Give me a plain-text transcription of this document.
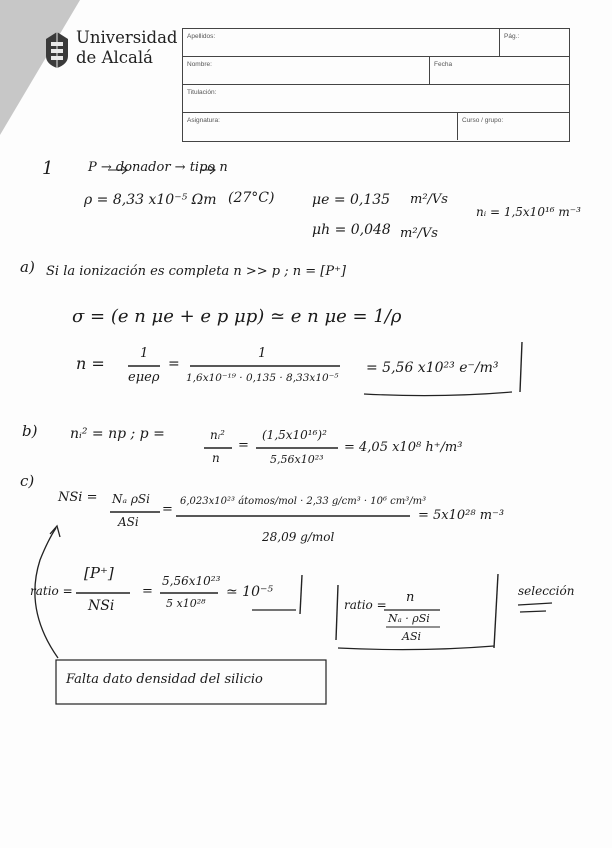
Universidad
de Alcalá
Apellidos:	Pág.:
Nombre:	Fecha
Titulación:
Asignatura:	Curso / grupo:
1	P → donador → tipo n
ρ = 8,33 x10⁻⁵ Ωm (27°C)	μe = 0,135 m²/Vs
μh = 0,048 m²/Vs
nᵢ = 1,5x10¹⁶ m⁻³
a) Si la ionización es completa n >> p ; n = [P⁺]
σ = (e n μe + e p μp) ≃ e n μe = 1/ρ
n =
1
eμeρ
=
1
1,6x10⁻¹⁹ · 0,135 · 8,33x10⁻⁵
= 5,56 x10²³ e⁻/m³
b) nᵢ² = np ; p =	nᵢ²
n
=
(1,5x10¹⁶)²
5,56x10²³
= 4,05 x10⁸ h⁺/m³
c)
NSi = Nₐ ρSi
ASi
=
6,023x10²³ átomos/mol · 2,33 g/cm³ · 10⁶ cm³/m³
28,09 g/mol
= 5x10²⁸ m⁻³
ratio =
[P⁺]
NSi
=
5,56x10²³
5 x10²⁸
≃ 10⁻⁵
ratio = n
Nₐ · ρSi
ASi
selección
Falta dato densidad del silicio
